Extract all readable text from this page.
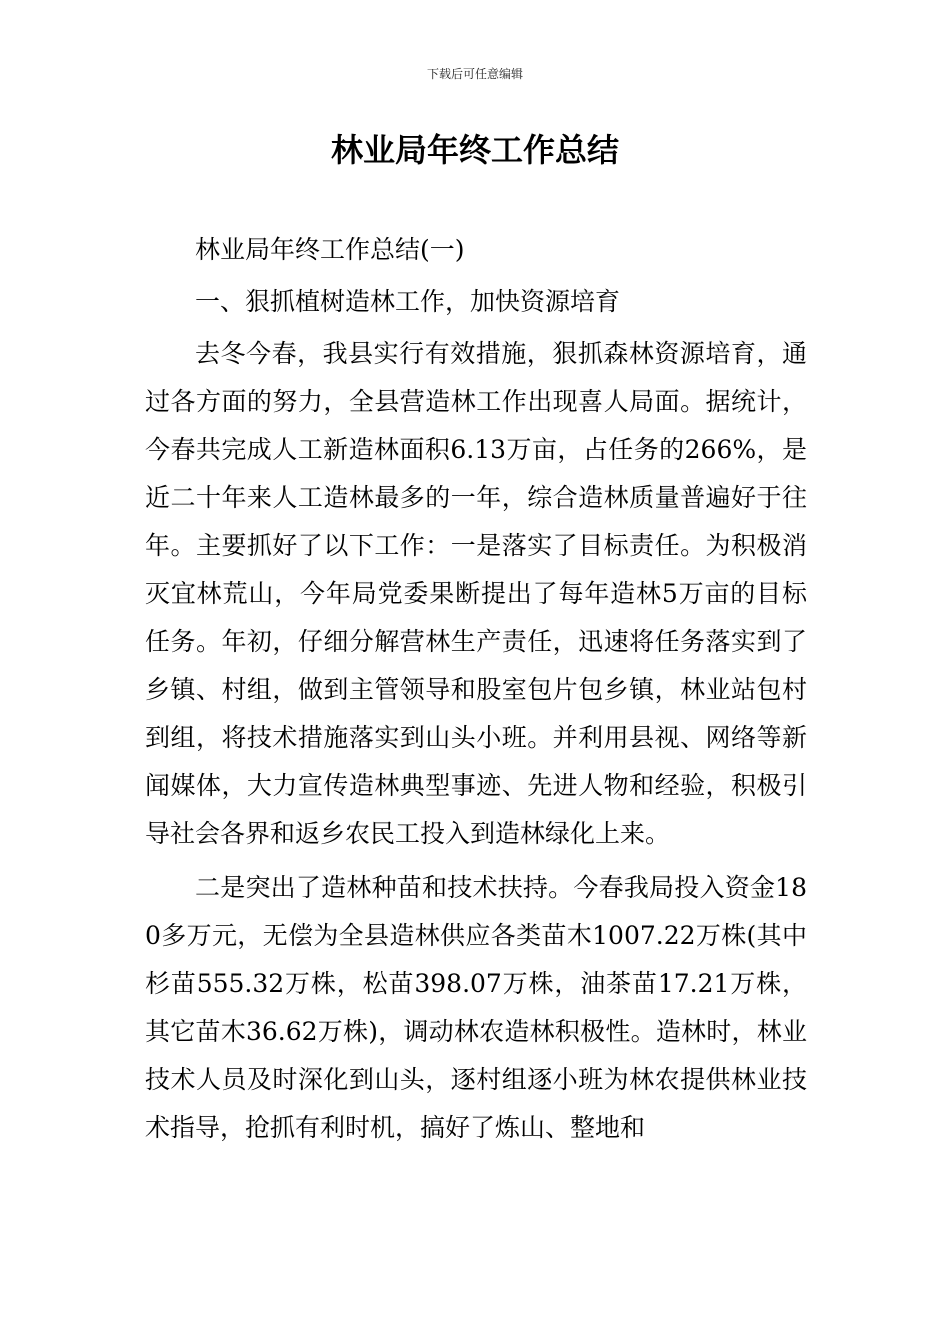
下载后可任意编辑
林业局年终工作总结

林业局年终工作总结(一)

一、狠抓植树造林工作，加快资源培育

去冬今春，我县实行有效措施，狠抓森林资源培育，通过各方面的努力，全县营造林工作出现喜人局面。据统计，今春共完成人工新造林面积6.13万亩，占任务的266%，是近二十年来人工造林最多的一年，综合造林质量普遍好于往年。主要抓好了以下工作：一是落实了目标责任。为积极消灭宜林荒山，今年局党委果断提出了每年造林5万亩的目标任务。年初，仔细分解营林生产责任，迅速将任务落实到了乡镇、村组，做到主管领导和股室包片包乡镇，林业站包村到组，将技术措施落实到山头小班。并利用县视、网络等新闻媒体，大力宣传造林典型事迹、先进人物和经验，积极引导社会各界和返乡农民工投入到造林绿化上来。

二是突出了造林种苗和技术扶持。今春我局投入资金180多万元，无偿为全县造林供应各类苗木1007.22万株(其中杉苗555.32万株，松苗398.07万株，油茶苗17.21万株，其它苗木36.62万株)，调动林农造林积极性。造林时，林业技术人员及时深化到山头，逐村组逐小班为林农提供林业技术指导，抢抓有利时机，搞好了炼山、整地和
